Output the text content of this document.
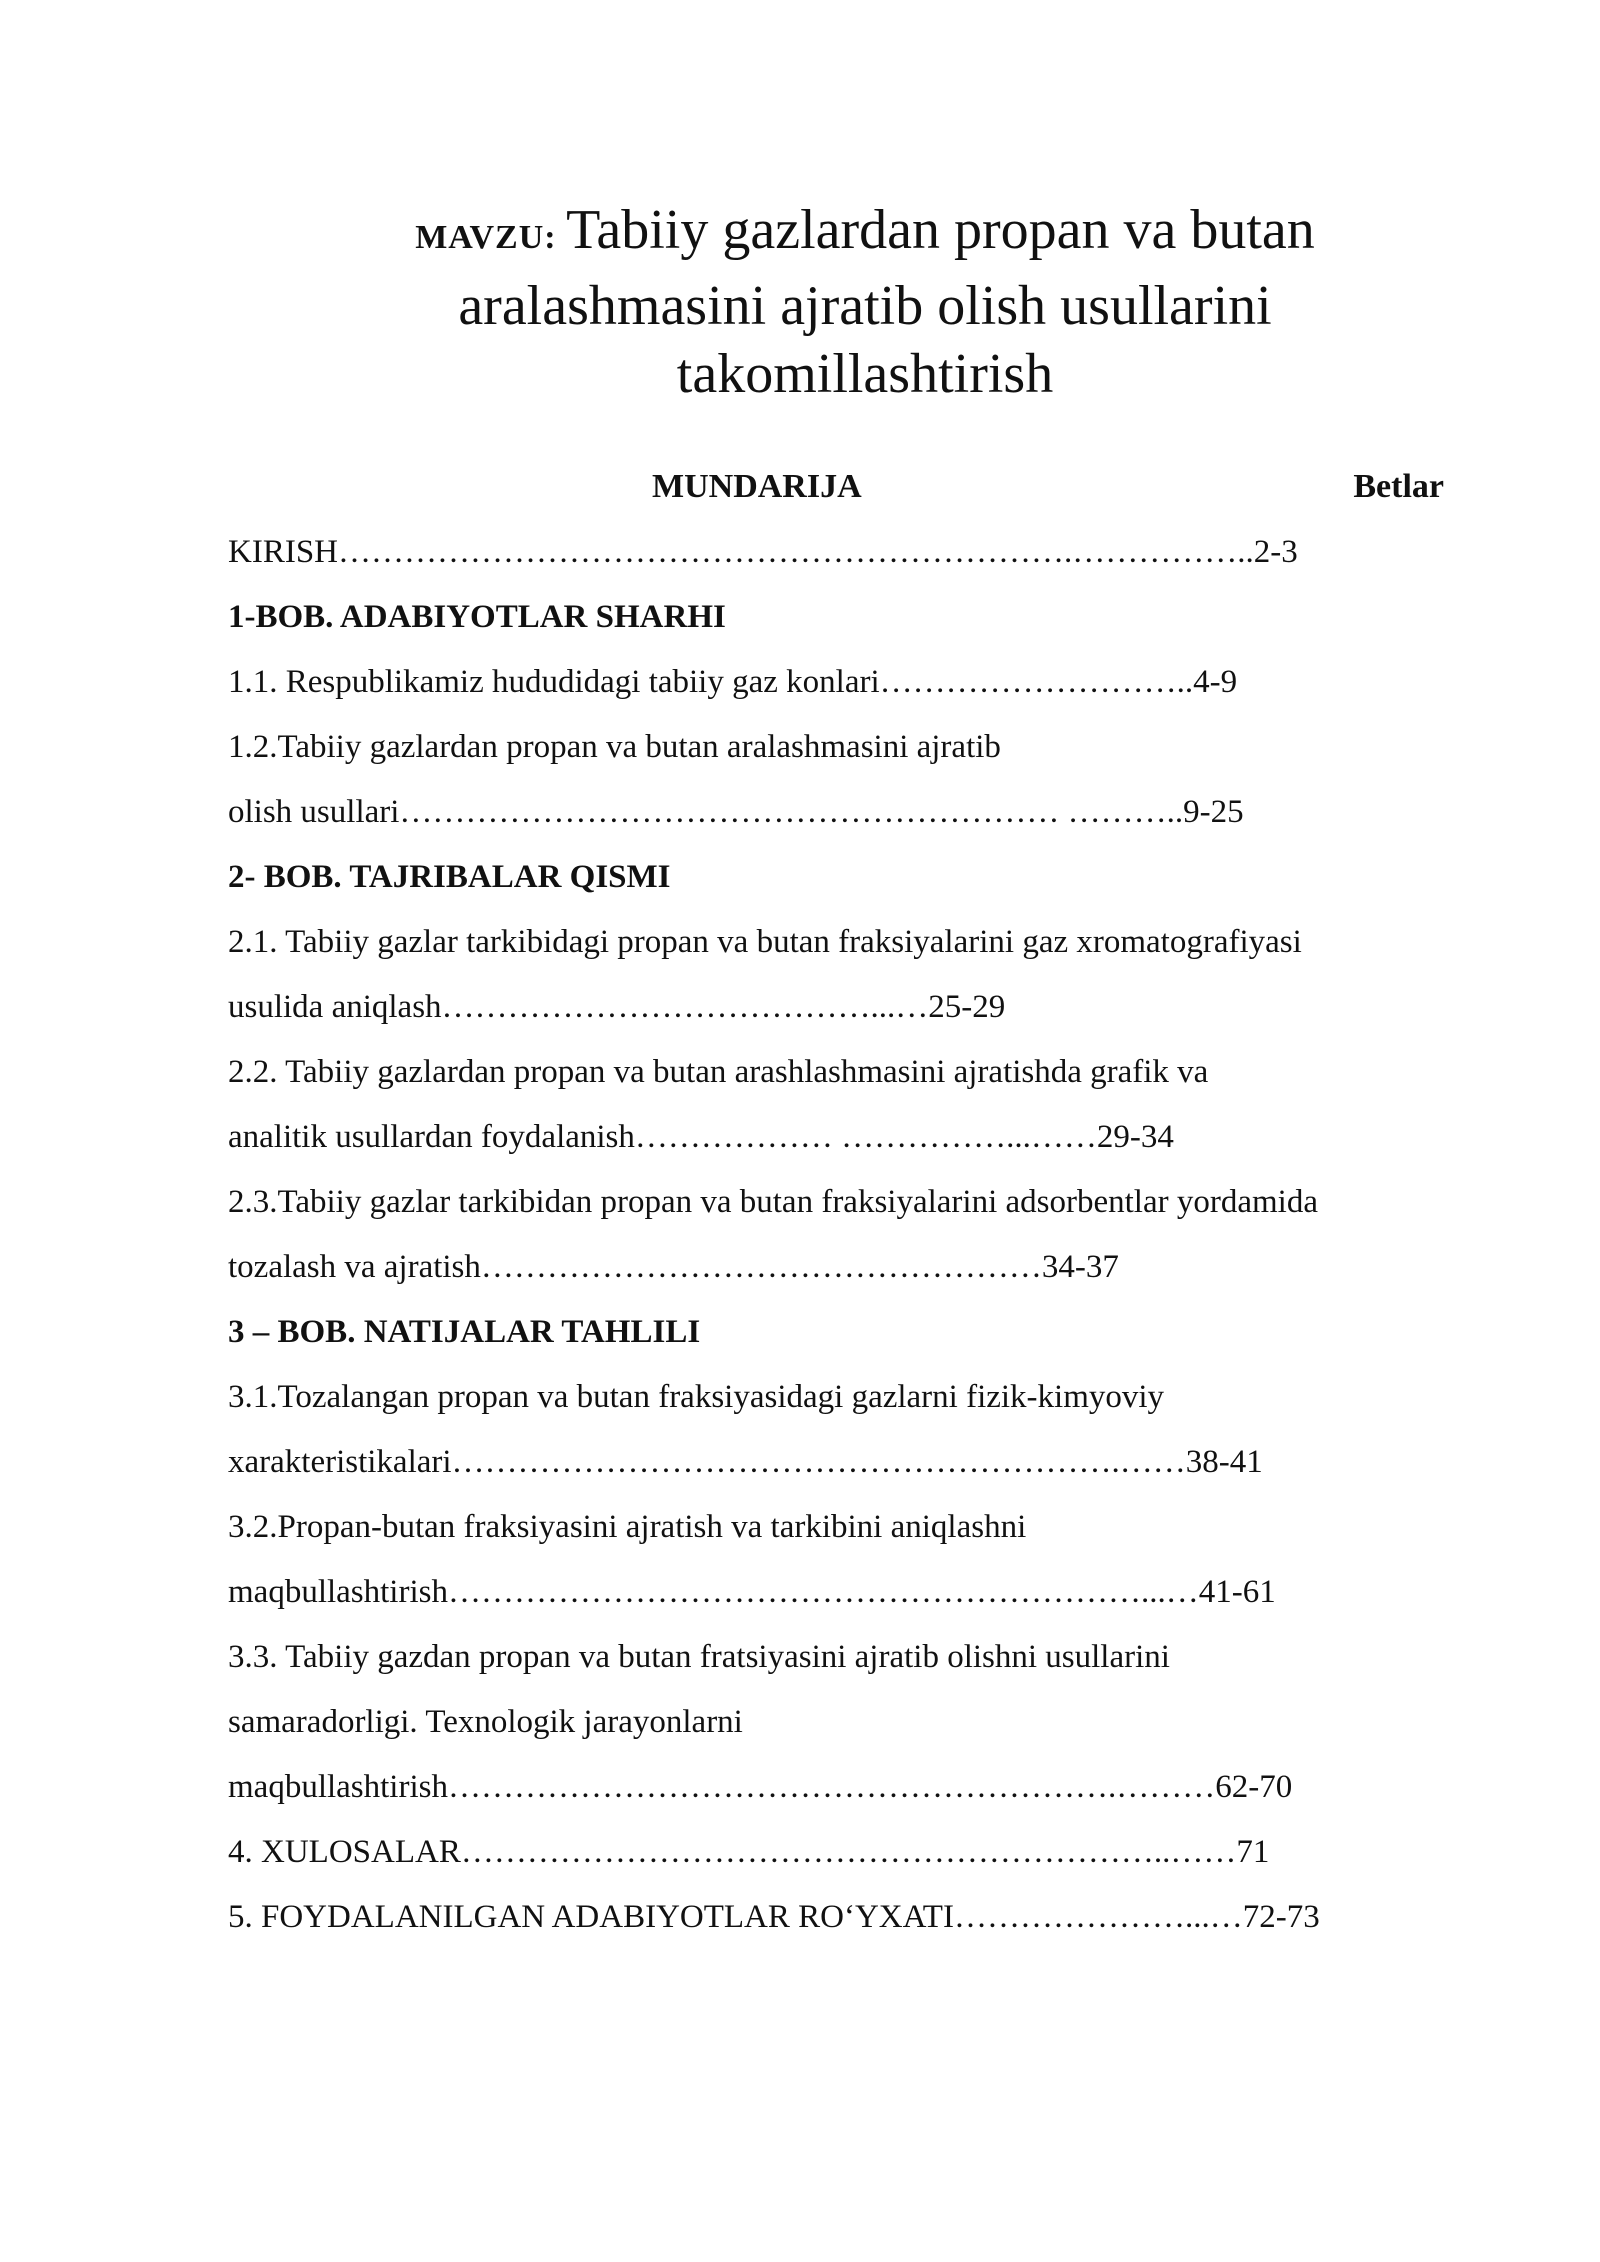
MAVZU: Tabiiy gazlardan propan va butan
aralashmasini ajratib olish usullarini
takomillashtirish
MUNDARIJA	Betlar
KIRISH………………………………………………………….……………..2-3
1-BOB. ADABIYOTLAR SHARHI
1.1. Respublikamiz hududidagi tabiiy gaz konlari………………………..4-9
1.2.Tabiiy gazlardan propan va butan aralashmasini ajratib
olish usullari…………………………………………………… ………..9-25
2- BOB. TAJRIBALAR QISMI
2.1. Tabiiy gazlar tarkibidagi propan va butan fraksiyalarini gaz xromatografiyasi
usulida aniqlash…………………………………...…25-29
2.2. Tabiiy gazlardan propan va butan arashlashmasini ajratishda grafik va
analitik usullardan foydalanish……………… ……………...……29-34
2.3.Tabiiy gazlar tarkibidan propan va butan fraksiyalarini adsorbentlar yordamida
tozalash va ajratish……………………………………………34-37
3 – BOB. NATIJALAR TAHLILI
3.1.Tozalangan propan va butan fraksiyasidagi gazlarni fizik-kimyoviy
xarakteristikalari…………………………………………………….……38-41
3.2.Propan-butan fraksiyasini ajratish va tarkibini aniqlashni
maqbullashtirish………………………………………………………...…41-61
3.3. Tabiiy gazdan propan va butan fratsiyasini ajratib olishni usullarini
samaradorligi. Texnologik jarayonlarni
maqbullashtirish…………………………………………………….………62-70
4. XULOSALAR………………………………………………………..……71
5. FOYDALANILGAN ADABIYOTLAR RO‘YXATI…………………...…72-73
